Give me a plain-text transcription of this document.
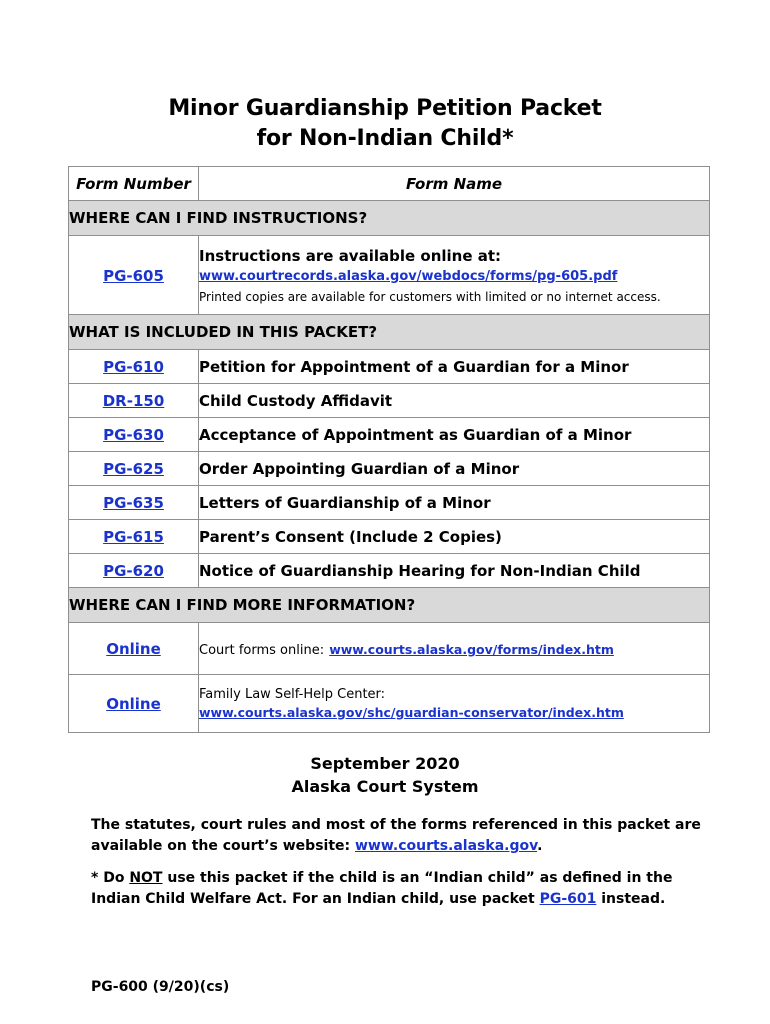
Minor Guardianship Petition Packet
for Non-Indian Child*
Form Number	Form Name
WHERE CAN I FIND INSTRUCTIONS?	
PG-605	Instructions are available online at:
www.courtrecords.alaska.gov/webdocs/forms/pg-605.pdf
Printed copies are available for customers with limited or no internet access.

WHAT IS INCLUDED IN THIS PACKET?	
PG-610	Petition for Appointment of a Guardian for a Minor
DR-150	Child Custody Affidavit
PG-630	Acceptance of Appointment as Guardian of a Minor
PG-625	Order Appointing Guardian of a Minor
PG-635	Letters of Guardianship of a Minor
PG-615	Parent’s Consent (Include 2 Copies)
PG-620	Notice of Guardianship Hearing for Non-Indian Child
WHERE CAN I FIND MORE INFORMATION?	
Online	Court forms online: www.courts.alaska.gov/forms/index.htm
Online	Family Law Self-Help Center:
www.courts.alaska.gov/shc/guardian-conservator/index.htm
September 2020
Alaska Court System
The statutes, court rules and most of the forms referenced in this packet are available on the court’s website: www.courts.alaska.gov.
* Do NOT use this packet if the child is an “Indian child” as defined in the Indian Child Welfare Act. For an Indian child, use packet PG-601 instead.
PG-600 (9/20)(cs)
